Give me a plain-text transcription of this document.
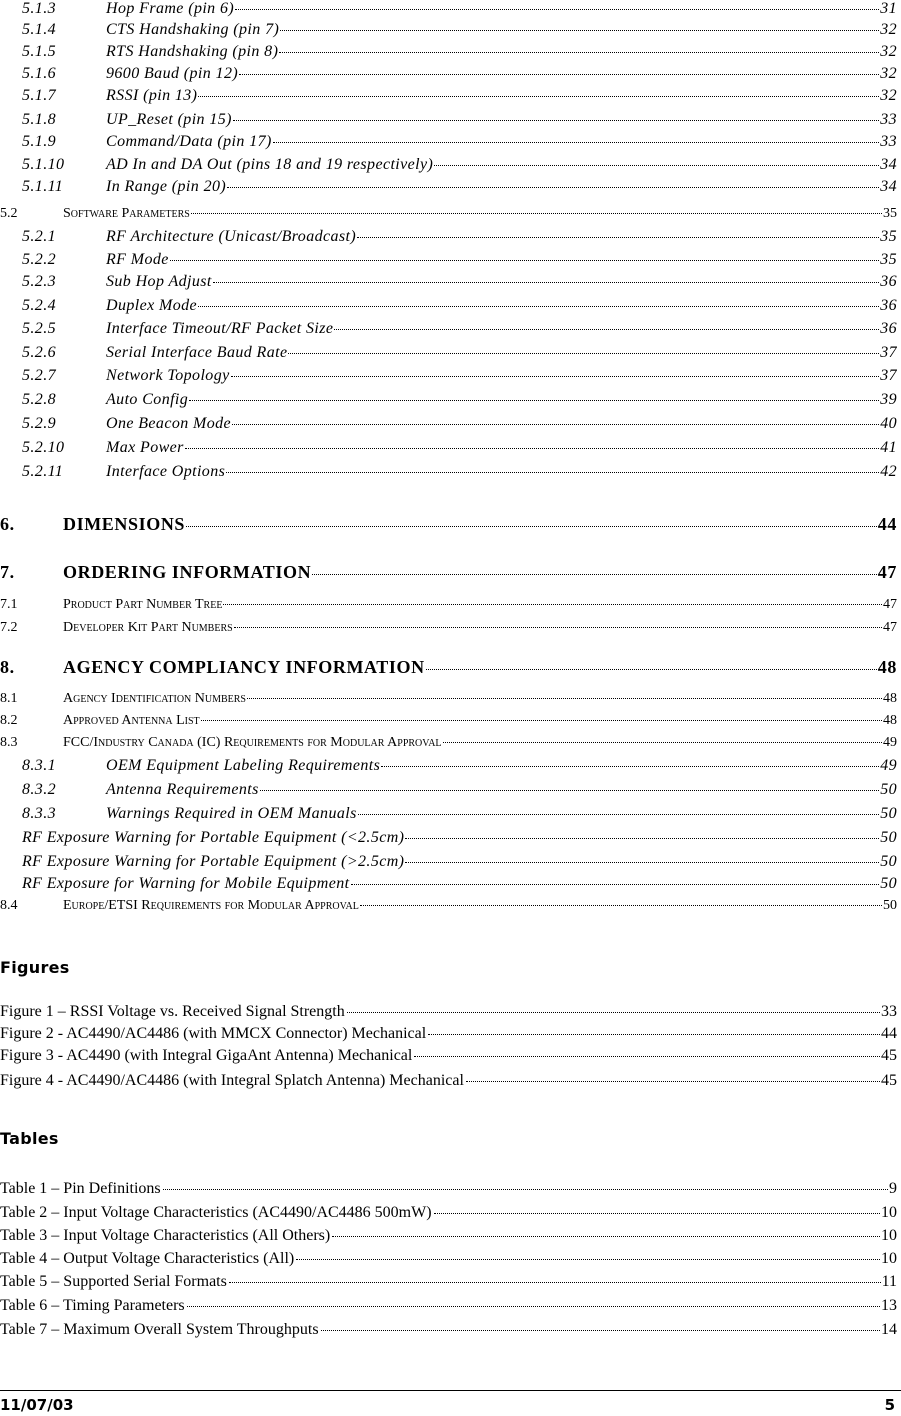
5.1.3	Hop Frame (pin 6)	31
5.1.4	CTS Handshaking (pin 7)	32
5.1.5	RTS Handshaking (pin 8)	32
5.1.6	9600 Baud (pin 12)	32
5.1.7	RSSI (pin 13)	32
5.1.8	UP_Reset (pin 15)	33
5.1.9	Command/Data (pin 17)	33
5.1.10	AD In and DA Out (pins 18 and 19 respectively)	34
5.1.11	In Range (pin 20)	34
5.2	Software Parameters	35
5.2.1	RF Architecture (Unicast/Broadcast)	35
5.2.2	RF Mode	35
5.2.3	Sub Hop Adjust	36
5.2.4	Duplex Mode	36
5.2.5	Interface Timeout/RF Packet Size	36
5.2.6	Serial Interface Baud Rate	37
5.2.7	Network Topology	37
5.2.8	Auto Config	39
5.2.9	One Beacon Mode	40
5.2.10	Max Power	41
5.2.11	Interface Options	42
6.	DIMENSIONS	44
7.	ORDERING INFORMATION	47
7.1	Product Part Number Tree	47
7.2	Developer Kit Part Numbers	47
8.	AGENCY COMPLIANCY INFORMATION	48
8.1	Agency Identification Numbers	48
8.2	Approved Antenna List	48
8.3	FCC/Industry Canada (IC) Requirements for Modular Approval	49
8.3.1	OEM Equipment Labeling Requirements	49
8.3.2	Antenna Requirements	50
8.3.3	Warnings Required in OEM Manuals	50
RF Exposure Warning for Portable Equipment (<2.5cm)	50
RF Exposure Warning for Portable Equipment (>2.5cm)	50
RF Exposure for Warning for Mobile Equipment	50
8.4	Europe/ETSI Requirements for Modular Approval	50
Figures
Figure 1 – RSSI Voltage vs. Received Signal Strength	33
Figure 2 - AC4490/AC4486 (with MMCX Connector) Mechanical	44
Figure 3 - AC4490 (with Integral GigaAnt Antenna) Mechanical	45
Figure 4 - AC4490/AC4486 (with Integral Splatch Antenna) Mechanical	45
Tables
Table 1 – Pin Definitions	9
Table 2 – Input Voltage Characteristics (AC4490/AC4486 500mW)	10
Table 3 – Input Voltage Characteristics (All Others)	10
Table 4 – Output Voltage Characteristics (All)	10
Table 5 – Supported Serial Formats	11
Table 6 – Timing Parameters	13
Table 7 – Maximum Overall System Throughputs	14
11/07/03	5
